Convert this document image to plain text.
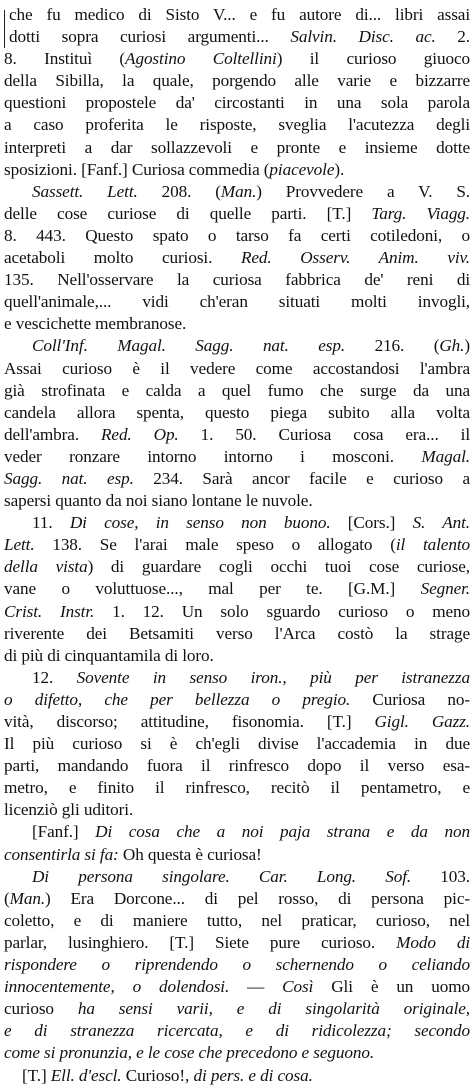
che fu medico di Sisto V... e fu autore di... libri assai
dotti sopra curiosi argumenti... Salvin. Disc. ac. 2.
8. Instituì (Agostino Coltellini) il curioso giuoco
della Sibilla, la quale, porgendo alle varie e bizzarre
questioni propostele da' circostanti in una sola parola
a caso proferita le risposte, sveglia l'acutezza degli
interpreti a dar sollazzevoli e pronte e insieme dotte
sposizioni. [Fanf.] Curiosa commedia (piacevole).
Sassett. Lett. 208. (Man.) Provvedere a V. S.
delle cose curiose di quelle parti. [T.] Targ. Viagg.
8. 443. Questo spato o tarso fa certi cotiledoni, o
acetaboli molto curiosi. Red. Osserv. Anim. viv.
135. Nell'osservare la curiosa fabbrica de' reni di
quell'animale,... vidi ch'eran situati molti invogli,
e vescichette membranose.
Coll'Inf. Magal. Sagg. nat. esp. 216. (Gh.)
Assai curioso è il vedere come accostandosi l'ambra
già strofinata e calda a quel fumo che surge da una
candela allora spenta, questo piega subito alla volta
dell'ambra. Red. Op. 1. 50. Curiosa cosa era... il
veder ronzare intorno intorno i mosconi. Magal.
Sagg. nat. esp. 234. Sarà ancor facile e curioso a
sapersi quanto da noi siano lontane le nuvole.
11. Di cose, in senso non buono. [Cors.] S. Ant.
Lett. 138. Se l'arai male speso o allogato (il talento
della vista) di guardare cogli occhi tuoi cose curiose,
vane o voluttuose..., mal per te. [G.M.] Segner.
Crist. Instr. 1. 12. Un solo sguardo curioso o meno
riverente dei Betsamiti verso l'Arca costò la strage
di più di cinquantamila di loro.
12. Sovente in senso iron., più per istranezza
o difetto, che per bellezza o pregio. Curiosa no-
vità, discorso; attitudine, fisonomia. [T.] Gigl. Gazz.
Il più curioso si è ch'egli divise l'accademia in due
parti, mandando fuora il rinfresco dopo il verso esa-
metro, e finito il rinfresco, recitò il pentametro, e
licenziò gli uditori.
[Fanf.] Di cosa che a noi paja strana e da non
consentirla si fa: Oh questa è curiosa!
Di persona singolare. Car. Long. Sof. 103.
(Man.) Era Dorcone... di pel rosso, di persona pic-
coletto, e di maniere tutto, nel praticar, curioso, nel
parlar, lusinghiero. [T.] Siete pure curioso. Modo di
rispondere o riprendendo o schernendo o celiando
innocentemente, o dolendosi. — Così Gli è un uomo
curioso ha sensi varii, e di singolarità originale,
e di stranezza ricercata, e di ridicolezza; secondo
come si pronunzia, e le cose che precedono e seguono.
[T.] Ell. d'escl. Curioso!, di pers. e di cosa.
